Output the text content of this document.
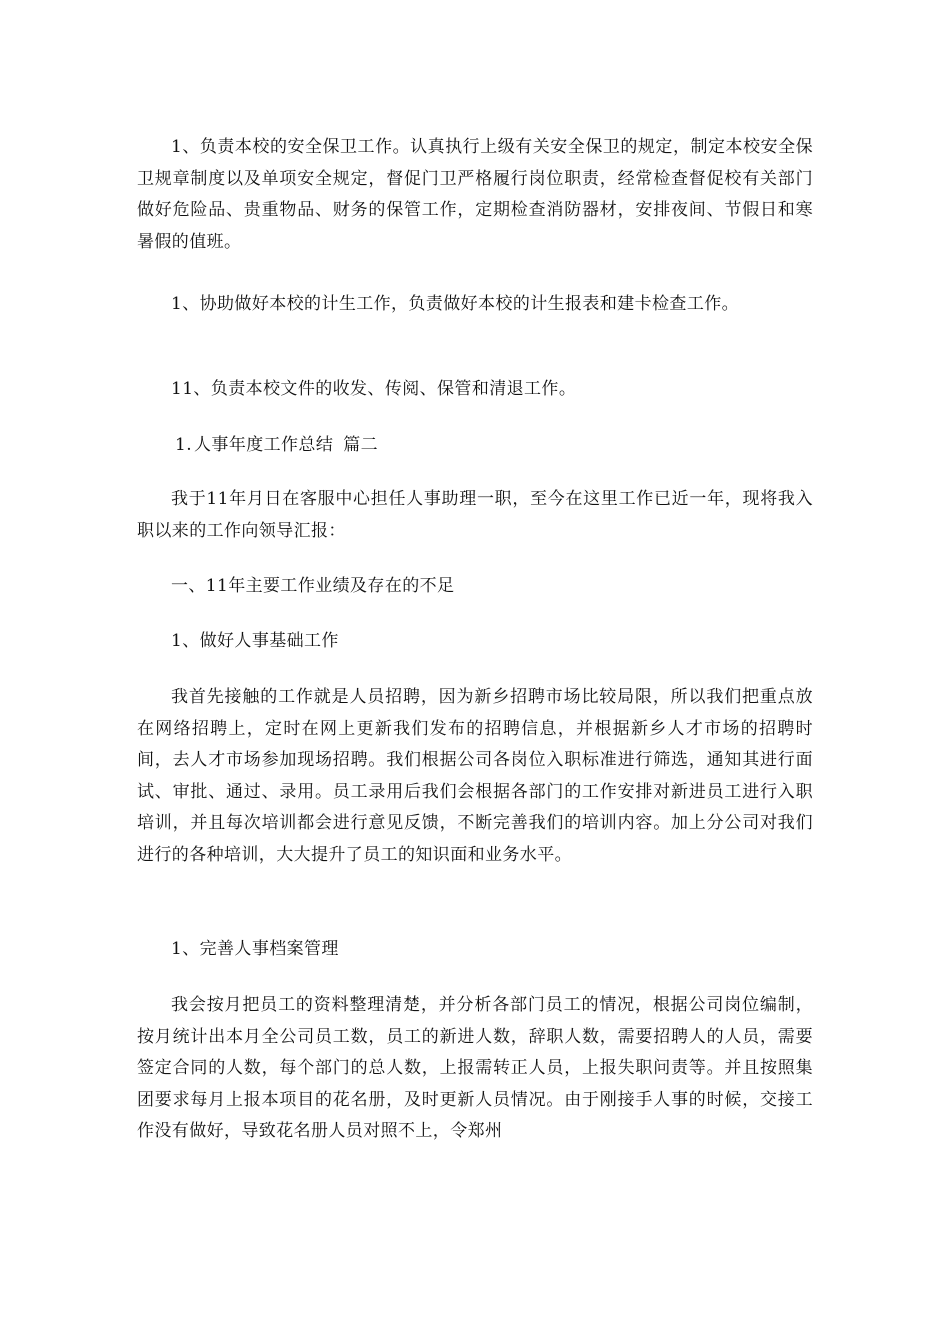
1、负责本校的安全保卫工作。认真执行上级有关安全保卫的规定，制定本校安全保卫规章制度以及单项安全规定，督促门卫严格履行岗位职责，经常检查督促校有关部门做好危险品、贵重物品、财务的保管工作，定期检查消防器材，安排夜间、节假日和寒暑假的值班。

1、协助做好本校的计生工作，负责做好本校的计生报表和建卡检查工作。

11、负责本校文件的收发、传阅、保管和清退工作。

1. 人事年度工作总结 篇二

我于11年月日在客服中心担任人事助理一职，至今在这里工作已近一年，现将我入职以来的工作向领导汇报：

一、11年主要工作业绩及存在的不足

1、做好人事基础工作

我首先接触的工作就是人员招聘，因为新乡招聘市场比较局限，所以我们把重点放在网络招聘上，定时在网上更新我们发布的招聘信息，并根据新乡人才市场的招聘时间，去人才市场参加现场招聘。我们根据公司各岗位入职标准进行筛选，通知其进行面试、审批、通过、录用。员工录用后我们会根据各部门的工作安排对新进员工进行入职培训，并且每次培训都会进行意见反馈，不断完善我们的培训内容。加上分公司对我们进行的各种培训，大大提升了员工的知识面和业务水平。

1、完善人事档案管理

我会按月把员工的资料整理清楚，并分析各部门员工的情况，根据公司岗位编制，按月统计出本月全公司员工数，员工的新进人数，辞职人数，需要招聘人的人员，需要签定合同的人数，每个部门的总人数，上报需转正人员，上报失职问责等。并且按照集团要求每月上报本项目的花名册，及时更新人员情况。由于刚接手人事的时候，交接工作没有做好，导致花名册人员对照不上，令郑州
